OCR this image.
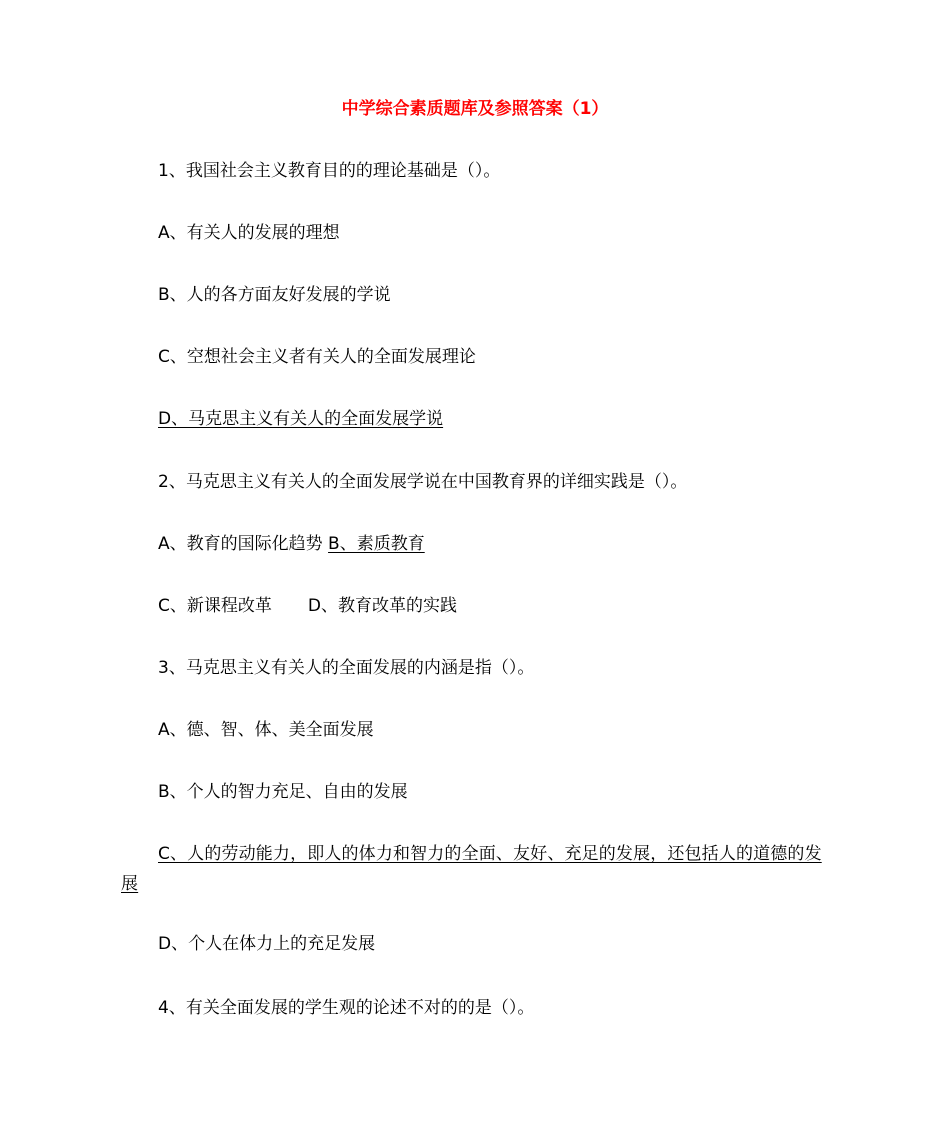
中学综合素质题库及参照答案（1）
1、我国社会主义教育目的的理论基础是（）。
A、有关人的发展的理想
B、人的各方面友好发展的学说
C、空想社会主义者有关人的全面发展理论
D、马克思主义有关人的全面发展学说
2、马克思主义有关人的全面发展学说在中国教育界的详细实践是（）。
A、教育的国际化趋势 B、素质教育
C、新课程改革 D、教育改革的实践
3、马克思主义有关人的全面发展的内涵是指（）。
A、德、智、体、美全面发展
B、个人的智力充足、自由的发展
C、人的劳动能力，即人的体力和智力的全面、友好、充足的发展，还包括人的道德的发展
D、个人在体力上的充足发展
4、有关全面发展的学生观的论述不对的的是（）。
